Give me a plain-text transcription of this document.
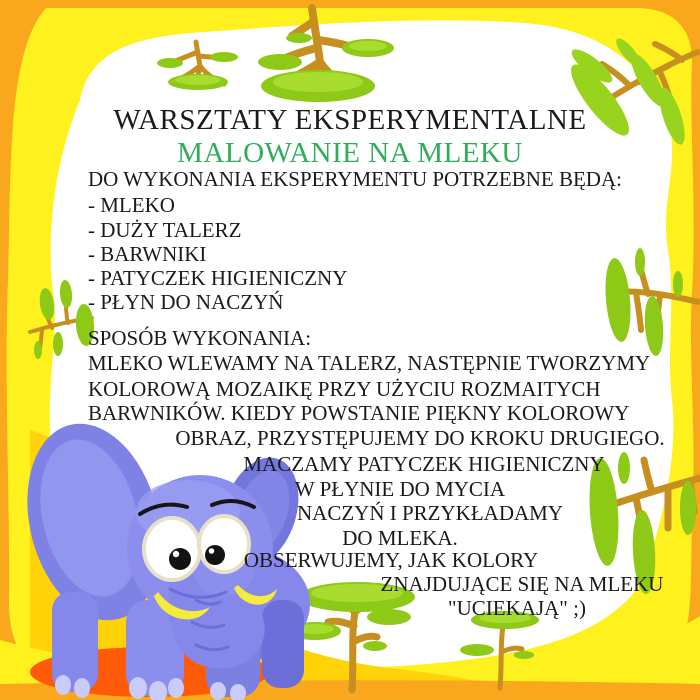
WARSZTATY EKSPERYMENTALNE
MALOWANIE NA MLEKU
DO WYKONANIA EKSPERYMENTU POTRZEBNE BĘDĄ:
- MLEKO
- DUŻY TALERZ
- BARWNIKI
- PATYCZEK HIGIENICZNY
- PŁYN DO NACZYŃ
SPOSÓB WYKONANIA:
MLEKO WLEWAMY NA TALERZ, NASTĘPNIE TWORZYMY
KOLOROWĄ MOZAIKĘ PRZY UŻYCIU ROZMAITYCH
BARWNIKÓW. KIEDY POWSTANIE PIĘKNY KOLOROWY
OBRAZ, PRZYSTĘPUJEMY DO KROKU DRUGIEGO.
MACZAMY PATYCZEK HIGIENICZNY
W PŁYNIE DO MYCIA
NACZYŃ I PRZYKŁADAMY
DO MLEKA.
OBSERWUJEMY, JAK KOLORY
ZNAJDUJĄCE SIĘ NA MLEKU
"UCIEKAJĄ" ;)
